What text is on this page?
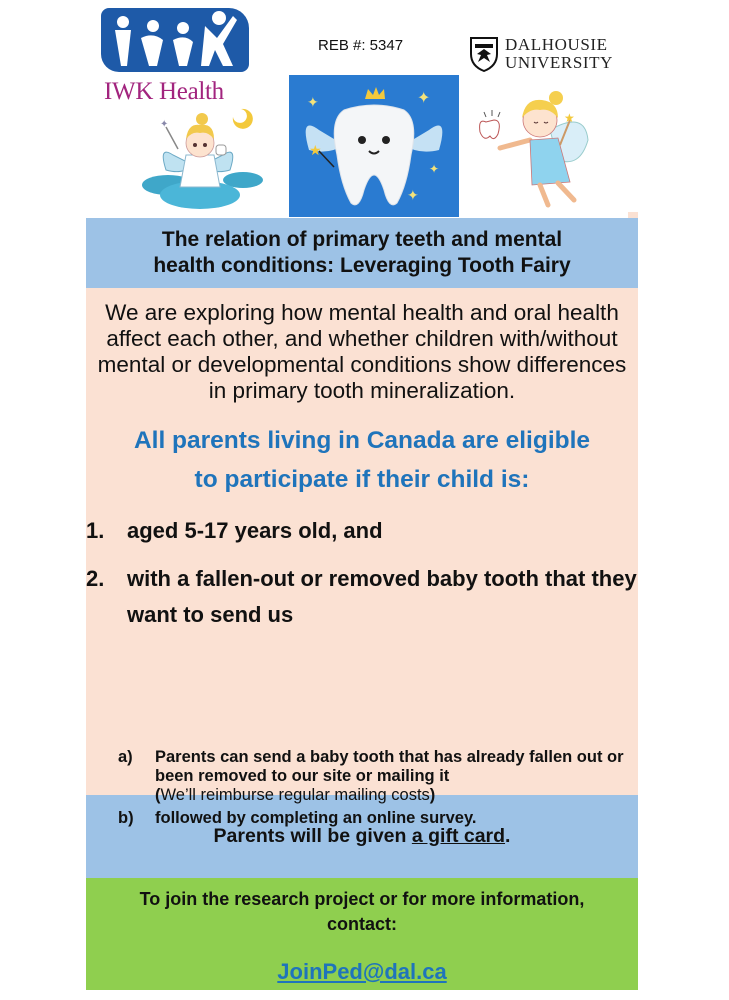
IWK Health
REB #: 5347	DALHOUSIE
UNIVERSITY
✦
✦	✦
✦
✦
★
★
The relation of primary teeth and mental
health conditions: Leveraging Tooth Fairy
We are exploring how mental health and oral health affect each other, and whether children with/without mental or developmental conditions show differences in primary tooth mineralization.
All parents living in Canada are eligible
to participate if their child is:
1. aged 5-17 years old, and
2. with a fallen-out or removed baby tooth that they want to send us
a) Parents can send a baby tooth that has already fallen out or been removed to our site or mailing it
(We’ll reimburse regular mailing costs)
b) followed by completing an online survey.
Parents will be given a gift card .
To join the research project or for more information, contact:
JoinPed@dal.ca
